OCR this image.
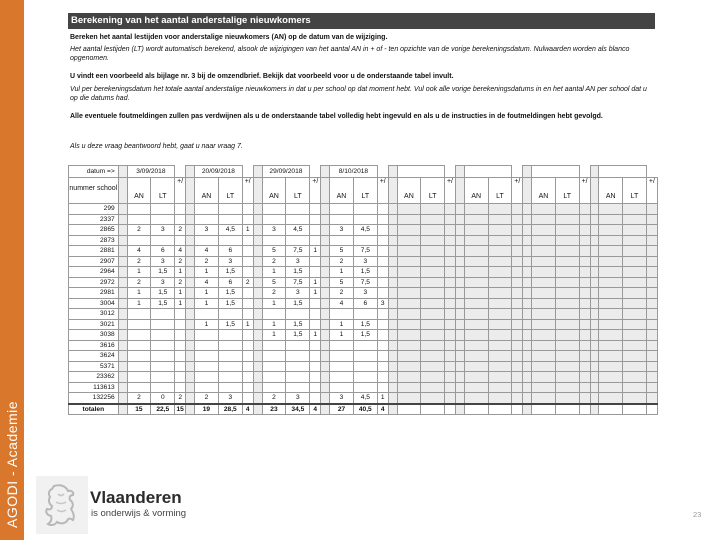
AGODI - Academie
Berekening van het aantal anderstalige nieuwkomers
Bereken het aantal lestijden voor anderstalige nieuwkomers (AN) op de datum van de wijziging.
Het aantal lestijden (LT) wordt automatisch berekend, alsook de wijzigingen van het aantal AN in + of - ten opzichte van de vorige berekeningsdatum. Nulwaarden worden als blanco opgenomen.
U vindt een voorbeeld als bijlage nr. 3 bij de omzendbrief. Bekijk dat voorbeeld voor u de onderstaande tabel invult.
Vul per berekeningsdatum het totale aantal anderstalige nieuwkomers in dat u per school op dat moment hebt. Vul ook alle vorige berekeningsdatums in en het aantal AN per school dat u op die datums had.
Alle eventuele foutmeldingen zullen pas verdwijnen als u de onderstaande tabel volledig hebt ingevuld en als u de instructies in de foutmeldingen hebt gevolgd.
Als u deze vraag beantwoord hebt, gaat u naar vraag 7.
datum =>		3/09/2018				20/09/2018				29/09/2018				8/10/2018																		
nummer school		AN	LT	+/		AN	LT	+/		AN	LT	+/		AN	LT	+/		AN	LT	+/		AN	LT	+/		AN	LT	+/		AN	LT	+/
299																																
2337																																
2865		2	3	2		3	4,5	1		3	4,5			3	4,5																	
2873																																
2881		4	6	4		4	6			5	7,5	1		5	7,5																	
2907		2	3	2		2	3			2	3			2	3																	
2964		1	1,5	1		1	1,5			1	1,5			1	1,5																	
2972		2	3	2		4	6	2		5	7,5	1		5	7,5																	
2981		1	1,5	1		1	1,5			2	3	1		2	3																	
3004		1	1,5	1		1	1,5			1	1,5			4	6	3																
3012																																
3021						1	1,5	1		1	1,5			1	1,5																	
3038										1	1,5	1		1	1,5																	
3616																																
3624																																
5371																																
23362																																
113613																																
132256		2	0	2		2	3			2	3			3	4,5	1																
totalen		15	22,5	15		19	28,5	4		23	34,5	4		27	40,5	4																
Vlaanderen
is onderwijs & vorming	23
